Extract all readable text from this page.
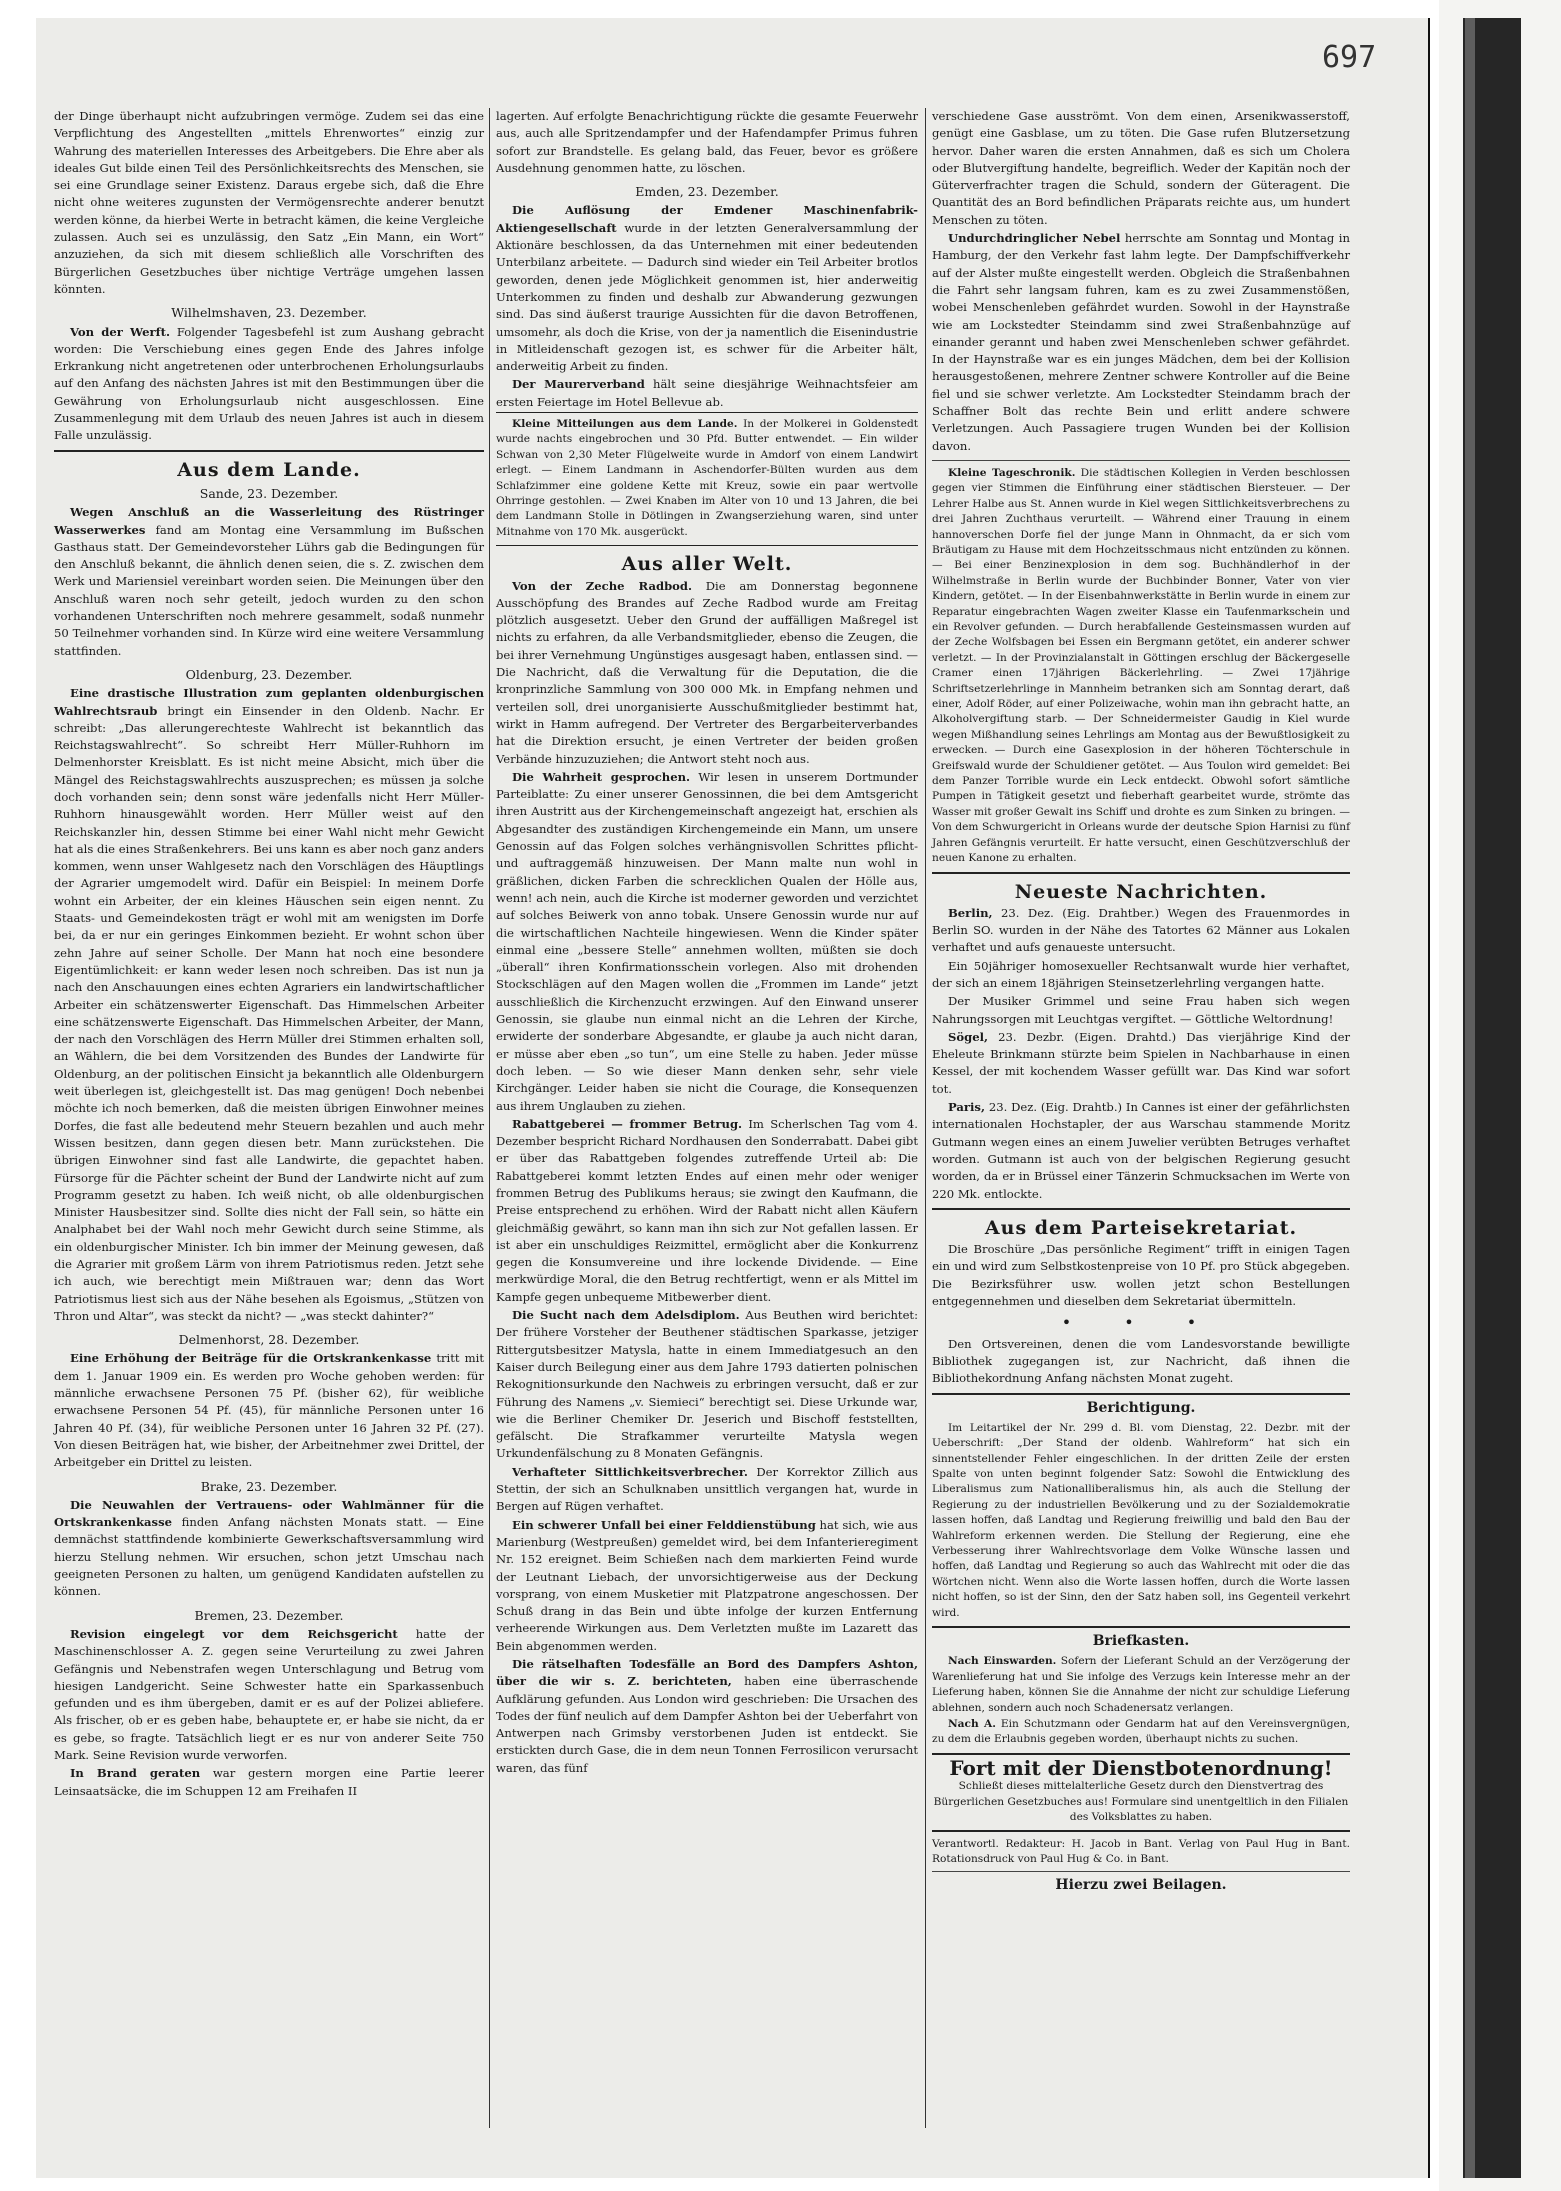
697

der Dinge überhaupt nicht aufzubringen vermöge. Zudem sei das eine Verpflichtung des Angestellten „mittels Ehrenwortes“ einzig zur Wahrung des materiellen Interesses des Arbeitgebers. Die Ehre aber als ideales Gut bilde einen Teil des Persönlichkeitsrechts des Menschen, sie sei eine Grundlage seiner Existenz. Daraus ergebe sich, daß die Ehre nicht ohne weiteres zugunsten der Vermögensrechte anderer benutzt werden könne, da hierbei Werte in betracht kämen, die keine Vergleiche zulassen. Auch sei es unzulässig, den Satz „Ein Mann, ein Wort“ anzuziehen, da sich mit diesem schließlich alle Vorschriften des Bürgerlichen Gesetzbuches über nichtige Verträge umgehen lassen könnten.

Wilhelmshaven, 23. Dezember.

Von der Werft. Folgender Tagesbefehl ist zum Aushang gebracht worden: Die Verschiebung eines gegen Ende des Jahres infolge Erkrankung nicht angetretenen oder unterbrochenen Erholungsurlaubs auf den Anfang des nächsten Jahres ist mit den Bestimmungen über die Gewährung von Erholungsurlaub nicht ausgeschlossen. Eine Zusammenlegung mit dem Urlaub des neuen Jahres ist auch in diesem Falle unzulässig.

Aus dem Lande.
Sande, 23. Dezember.

Wegen Anschluß an die Wasserleitung des Rüstringer Wasserwerkes fand am Montag eine Versammlung im Bußschen Gasthaus statt. Der Gemeindevorsteher Lührs gab die Bedingungen für den Anschluß bekannt, die ähnlich denen seien, die s. Z. zwischen dem Werk und Mariensiel vereinbart worden seien. Die Meinungen über den Anschluß waren noch sehr geteilt, jedoch wurden zu den schon vorhandenen Unterschriften noch mehrere gesammelt, sodaß nunmehr 50 Teilnehmer vorhanden sind. In Kürze wird eine weitere Versammlung stattfinden.

Oldenburg, 23. Dezember.

Eine drastische Illustration zum geplanten oldenburgischen Wahlrechtsraub bringt ein Einsender in den Oldenb. Nachr. Er schreibt: „Das allerungerechteste Wahlrecht ist bekanntlich das Reichstagswahlrecht“. So schreibt Herr Müller-Ruhhorn im Delmenhorster Kreisblatt. Es ist nicht meine Absicht, mich über die Mängel des Reichstagswahlrechts auszusprechen; es müssen ja solche doch vorhanden sein; denn sonst wäre jedenfalls nicht Herr Müller-Ruhhorn hinausgewählt worden. Herr Müller weist auf den Reichskanzler hin, dessen Stimme bei einer Wahl nicht mehr Gewicht hat als die eines Straßenkehrers. Bei uns kann es aber noch ganz anders kommen, wenn unser Wahlgesetz nach den Vorschlägen des Häuptlings der Agrarier umgemodelt wird. Dafür ein Beispiel: In meinem Dorfe wohnt ein Arbeiter, der ein kleines Häuschen sein eigen nennt. Zu Staats- und Gemeindekosten trägt er wohl mit am wenigsten im Dorfe bei, da er nur ein geringes Einkommen bezieht. Er wohnt schon über zehn Jahre auf seiner Scholle. Der Mann hat noch eine besondere Eigentümlichkeit: er kann weder lesen noch schreiben. Das ist nun ja nach den Anschauungen eines echten Agrariers ein landwirtschaftlicher Arbeiter ein schätzenswerter Eigenschaft. Das Himmelschen Arbeiter eine schätzenswerte Eigenschaft. Das Himmelschen Arbeiter, der Mann, der nach den Vorschlägen des Herrn Müller drei Stimmen erhalten soll, an Wählern, die bei dem Vorsitzenden des Bundes der Landwirte für Oldenburg, an der politischen Einsicht ja bekanntlich alle Oldenburgern weit überlegen ist, gleichgestellt ist. Das mag genügen! Doch nebenbei möchte ich noch bemerken, daß die meisten übrigen Einwohner meines Dorfes, die fast alle bedeutend mehr Steuern bezahlen und auch mehr Wissen besitzen, dann gegen diesen betr. Mann zurückstehen. Die übrigen Einwohner sind fast alle Landwirte, die gepachtet haben. Fürsorge für die Pächter scheint der Bund der Landwirte nicht auf zum Programm gesetzt zu haben. Ich weiß nicht, ob alle oldenburgischen Minister Hausbesitzer sind. Sollte dies nicht der Fall sein, so hätte ein Analphabet bei der Wahl noch mehr Gewicht durch seine Stimme, als ein oldenburgischer Minister. Ich bin immer der Meinung gewesen, daß die Agrarier mit großem Lärm von ihrem Patriotismus reden. Jetzt sehe ich auch, wie berechtigt mein Mißtrauen war; denn das Wort Patriotismus liest sich aus der Nähe besehen als Egoismus, „Stützen von Thron und Altar“, was steckt da nicht? — „was steckt dahinter?“

Delmenhorst, 28. Dezember.

Eine Erhöhung der Beiträge für die Ortskrankenkasse tritt mit dem 1. Januar 1909 ein. Es werden pro Woche gehoben werden: für männliche erwachsene Personen 75 Pf. (bisher 62), für weibliche erwachsene Personen 54 Pf. (45), für männliche Personen unter 16 Jahren 40 Pf. (34), für weibliche Personen unter 16 Jahren 32 Pf. (27). Von diesen Beiträgen hat, wie bisher, der Arbeitnehmer zwei Drittel, der Arbeitgeber ein Drittel zu leisten.

Brake, 23. Dezember.

Die Neuwahlen der Vertrauens- oder Wahlmänner für die Ortskrankenkasse finden Anfang nächsten Monats statt. — Eine demnächst stattfindende kombinierte Gewerkschaftsversammlung wird hierzu Stellung nehmen. Wir ersuchen, schon jetzt Umschau nach geeigneten Personen zu halten, um genügend Kandidaten aufstellen zu können.

Bremen, 23. Dezember.

Revision eingelegt vor dem Reichsgericht hatte der Maschinenschlosser A. Z. gegen seine Verurteilung zu zwei Jahren Gefängnis und Nebenstrafen wegen Unterschlagung und Betrug vom hiesigen Landgericht. Seine Schwester hatte ein Sparkassenbuch gefunden und es ihm übergeben, damit er es auf der Polizei abliefere. Als frischer, ob er es geben habe, behauptete er, er habe sie nicht, da er es gebe, so fragte. Tatsächlich liegt er es nur von anderer Seite 750 Mark. Seine Revision wurde verworfen.

In Brand geraten war gestern morgen eine Partie leerer Leinsaatsäcke, die im Schuppen 12 am Freihafen II

lagerten. Auf erfolgte Benachrichtigung rückte die gesamte Feuerwehr aus, auch alle Spritzendampfer und der Hafendampfer Primus fuhren sofort zur Brandstelle. Es gelang bald, das Feuer, bevor es größere Ausdehnung genommen hatte, zu löschen.

Emden, 23. Dezember.

Die Auflösung der Emdener Maschinenfabrik-Aktiengesellschaft wurde in der letzten Generalversammlung der Aktionäre beschlossen, da das Unternehmen mit einer bedeutenden Unterbilanz arbeitete. — Dadurch sind wieder ein Teil Arbeiter brotlos geworden, denen jede Möglichkeit genommen ist, hier anderweitig Unterkommen zu finden und deshalb zur Abwanderung gezwungen sind. Das sind äußerst traurige Aussichten für die davon Betroffenen, umsomehr, als doch die Krise, von der ja namentlich die Eisenindustrie in Mitleidenschaft gezogen ist, es schwer für die Arbeiter hält, anderweitig Arbeit zu finden.

Der Maurerverband hält seine diesjährige Weihnachtsfeier am ersten Feiertage im Hotel Bellevue ab.

Kleine Mitteilungen aus dem Lande. In der Molkerei in Goldenstedt wurde nachts eingebrochen und 30 Pfd. Butter entwendet. — Ein wilder Schwan von 2,30 Meter Flügelweite wurde in Amdorf von einem Landwirt erlegt. — Einem Landmann in Aschendorfer-Bülten wurden aus dem Schlafzimmer eine goldene Kette mit Kreuz, sowie ein paar wertvolle Ohrringe gestohlen. — Zwei Knaben im Alter von 10 und 13 Jahren, die bei dem Landmann Stolle in Dötlingen in Zwangserziehung waren, sind unter Mitnahme von 170 Mk. ausgerückt.

Aus aller Welt.

Von der Zeche Radbod. Die am Donnerstag begonnene Ausschöpfung des Brandes auf Zeche Radbod wurde am Freitag plötzlich ausgesetzt. Ueber den Grund der auffälligen Maßregel ist nichts zu erfahren, da alle Verbandsmitglieder, ebenso die Zeugen, die bei ihrer Vernehmung Ungünstiges ausgesagt haben, entlassen sind. — Die Nachricht, daß die Verwaltung für die Deputation, die die kronprinzliche Sammlung von 300 000 Mk. in Empfang nehmen und verteilen soll, drei unorganisierte Ausschußmitglieder bestimmt hat, wirkt in Hamm aufregend. Der Vertreter des Bergarbeiterverbandes hat die Direktion ersucht, je einen Vertreter der beiden großen Verbände hinzuzuziehen; die Antwort steht noch aus.

Die Wahrheit gesprochen. Wir lesen in unserem Dortmunder Parteiblatte: Zu einer unserer Genossinnen, die bei dem Amtsgericht ihren Austritt aus der Kirchengemeinschaft angezeigt hat, erschien als Abgesandter des zuständigen Kirchengemeinde ein Mann, um unsere Genossin auf das Folgen solches verhängnisvollen Schrittes pflicht- und auftraggemäß hinzuweisen. Der Mann malte nun wohl in gräßlichen, dicken Farben die schrecklichen Qualen der Hölle aus, wenn! ach nein, auch die Kirche ist moderner geworden und verzichtet auf solches Beiwerk von anno tobak. Unsere Genossin wurde nur auf die wirtschaftlichen Nachteile hingewiesen. Wenn die Kinder später einmal eine „bessere Stelle“ annehmen wollten, müßten sie doch „überall“ ihren Konfirmationsschein vorlegen. Also mit drohenden Stockschlägen auf den Magen wollen die „Frommen im Lande“ jetzt ausschließlich die Kirchenzucht erzwingen. Auf den Einwand unserer Genossin, sie glaube nun einmal nicht an die Lehren der Kirche, erwiderte der sonderbare Abgesandte, er glaube ja auch nicht daran, er müsse aber eben „so tun“, um eine Stelle zu haben. Jeder müsse doch leben. — So wie dieser Mann denken sehr, sehr viele Kirchgänger. Leider haben sie nicht die Courage, die Konsequenzen aus ihrem Unglauben zu ziehen.

Rabattgeberei — frommer Betrug. Im Scherlschen Tag vom 4. Dezember bespricht Richard Nordhausen den Sonderrabatt. Dabei gibt er über das Rabattgeben folgendes zutreffende Urteil ab: Die Rabattgeberei kommt letzten Endes auf einen mehr oder weniger frommen Betrug des Publikums heraus; sie zwingt den Kaufmann, die Preise entsprechend zu erhöhen. Wird der Rabatt nicht allen Käufern gleichmäßig gewährt, so kann man ihn sich zur Not gefallen lassen. Er ist aber ein unschuldiges Reizmittel, ermöglicht aber die Konkurrenz gegen die Konsumvereine und ihre lockende Dividende. — Eine merkwürdige Moral, die den Betrug rechtfertigt, wenn er als Mittel im Kampfe gegen unbequeme Mitbewerber dient.

Die Sucht nach dem Adelsdiplom. Aus Beuthen wird berichtet: Der frühere Vorsteher der Beuthener städtischen Sparkasse, jetziger Rittergutsbesitzer Matysla, hatte in einem Immediatgesuch an den Kaiser durch Beilegung einer aus dem Jahre 1793 datierten polnischen Rekognitionsurkunde den Nachweis zu erbringen versucht, daß er zur Führung des Namens „v. Siemieci“ berechtigt sei. Diese Urkunde war, wie die Berliner Chemiker Dr. Jeserich und Bischoff feststellten, gefälscht. Die Strafkammer verurteilte Matysla wegen Urkundenfälschung zu 8 Monaten Gefängnis.

Verhafteter Sittlichkeitsverbrecher. Der Korrektor Zillich aus Stettin, der sich an Schulknaben unsittlich vergangen hat, wurde in Bergen auf Rügen verhaftet.

Ein schwerer Unfall bei einer Felddienstübung hat sich, wie aus Marienburg (Westpreußen) gemeldet wird, bei dem Infanterieregiment Nr. 152 ereignet. Beim Schießen nach dem markierten Feind wurde der Leutnant Liebach, der unvorsichtigerweise aus der Deckung vorsprang, von einem Musketier mit Platzpatrone angeschossen. Der Schuß drang in das Bein und übte infolge der kurzen Entfernung verheerende Wirkungen aus. Dem Verletzten mußte im Lazarett das Bein abgenommen werden.

Die rätselhaften Todesfälle an Bord des Dampfers Ashton, über die wir s. Z. berichteten, haben eine überraschende Aufklärung gefunden. Aus London wird geschrieben: Die Ursachen des Todes der fünf neulich auf dem Dampfer Ashton bei der Ueberfahrt von Antwerpen nach Grimsby verstorbenen Juden ist entdeckt. Sie erstickten durch Gase, die in dem neun Tonnen Ferrosilicon verursacht waren, das fünf

verschiedene Gase ausströmt. Von dem einen, Arsenikwasserstoff, genügt eine Gasblase, um zu töten. Die Gase rufen Blutzersetzung hervor. Daher waren die ersten Annahmen, daß es sich um Cholera oder Blutvergiftung handelte, begreiflich. Weder der Kapitän noch der Güterverfrachter tragen die Schuld, sondern der Güteragent. Die Quantität des an Bord befindlichen Präparats reichte aus, um hundert Menschen zu töten.

Undurchdringlicher Nebel herrschte am Sonntag und Montag in Hamburg, der den Verkehr fast lahm legte. Der Dampfschiffverkehr auf der Alster mußte eingestellt werden. Obgleich die Straßenbahnen die Fahrt sehr langsam fuhren, kam es zu zwei Zusammenstößen, wobei Menschenleben gefährdet wurden. Sowohl in der Haynstraße wie am Lockstedter Steindamm sind zwei Straßenbahnzüge auf einander gerannt und haben zwei Menschenleben schwer gefährdet. In der Haynstraße war es ein junges Mädchen, dem bei der Kollision herausgestoßenen, mehrere Zentner schwere Kontroller auf die Beine fiel und sie schwer verletzte. Am Lockstedter Steindamm brach der Schaffner Bolt das rechte Bein und erlitt andere schwere Verletzungen. Auch Passagiere trugen Wunden bei der Kollision davon.

Kleine Tageschronik. Die städtischen Kollegien in Verden beschlossen gegen vier Stimmen die Einführung einer städtischen Biersteuer. — Der Lehrer Halbe aus St. Annen wurde in Kiel wegen Sittlichkeitsverbrechens zu drei Jahren Zuchthaus verurteilt. — Während einer Trauung in einem hannoverschen Dorfe fiel der junge Mann in Ohnmacht, da er sich vom Bräutigam zu Hause mit dem Hochzeitsschmaus nicht entzünden zu können. — Bei einer Benzinexplosion in dem sog. Buchhändlerhof in der Wilhelmstraße in Berlin wurde der Buchbinder Bonner, Vater von vier Kindern, getötet. — In der Eisenbahnwerkstätte in Berlin wurde in einem zur Reparatur eingebrachten Wagen zweiter Klasse ein Taufenmarkschein und ein Revolver gefunden. — Durch herabfallende Gesteinsmassen wurden auf der Zeche Wolfsbagen bei Essen ein Bergmann getötet, ein anderer schwer verletzt. — In der Provinzialanstalt in Göttingen erschlug der Bäckergeselle Cramer einen 17jährigen Bäckerlehrling. — Zwei 17jährige Schriftsetzerlehrlinge in Mannheim betranken sich am Sonntag derart, daß einer, Adolf Röder, auf einer Polizeiwache, wohin man ihn gebracht hatte, an Alkoholvergiftung starb. — Der Schneidermeister Gaudig in Kiel wurde wegen Mißhandlung seines Lehrlings am Montag aus der Bewußtlosigkeit zu erwecken. — Durch eine Gasexplosion in der höheren Töchterschule in Greifswald wurde der Schuldiener getötet. — Aus Toulon wird gemeldet: Bei dem Panzer Torrible wurde ein Leck entdeckt. Obwohl sofort sämtliche Pumpen in Tätigkeit gesetzt und fieberhaft gearbeitet wurde, strömte das Wasser mit großer Gewalt ins Schiff und drohte es zum Sinken zu bringen. — Von dem Schwurgericht in Orleans wurde der deutsche Spion Harnisi zu fünf Jahren Gefängnis verurteilt. Er hatte versucht, einen Geschützverschluß der neuen Kanone zu erhalten.

Neueste Nachrichten.

Berlin, 23. Dez. (Eig. Drahtber.) Wegen des Frauenmordes in Berlin SO. wurden in der Nähe des Tatortes 62 Männer aus Lokalen verhaftet und aufs genaueste untersucht.

Ein 50jähriger homosexueller Rechtsanwalt wurde hier verhaftet, der sich an einem 18jährigen Steinsetzerlehrling vergangen hatte.

Der Musiker Grimmel und seine Frau haben sich wegen Nahrungssorgen mit Leuchtgas vergiftet. — Göttliche Weltordnung!

Sögel, 23. Dezbr. (Eigen. Drahtd.) Das vierjährige Kind der Eheleute Brinkmann stürzte beim Spielen in Nachbarhause in einen Kessel, der mit kochendem Wasser gefüllt war. Das Kind war sofort tot.

Paris, 23. Dez. (Eig. Drahtb.) In Cannes ist einer der gefährlichsten internationalen Hochstapler, der aus Warschau stammende Moritz Gutmann wegen eines an einem Juwelier verübten Betruges verhaftet worden. Gutmann ist auch von der belgischen Regierung gesucht worden, da er in Brüssel einer Tänzerin Schmucksachen im Werte von 220 Mk. entlockte.

Aus dem Parteisekretariat.

Die Broschüre „Das persönliche Regiment“ trifft in einigen Tagen ein und wird zum Selbstkostenpreise von 10 Pf. pro Stück abgegeben. Die Bezirksführer usw. wollen jetzt schon Bestellungen entgegennehmen und dieselben dem Sekretariat übermitteln.

• • •

Den Ortsvereinen, denen die vom Landesvorstande bewilligte Bibliothek zugegangen ist, zur Nachricht, daß ihnen die Bibliothekordnung Anfang nächsten Monat zugeht.

Berichtigung.

Im Leitartikel der Nr. 299 d. Bl. vom Dienstag, 22. Dezbr. mit der Ueberschrift: „Der Stand der oldenb. Wahlreform“ hat sich ein sinnentstellender Fehler eingeschlichen. In der dritten Zeile der ersten Spalte von unten beginnt folgender Satz: Sowohl die Entwicklung des Liberalismus zum Nationalliberalismus hin, als auch die Stellung der Regierung zu der industriellen Bevölkerung und zu der Sozialdemokratie lassen hoffen, daß Landtag und Regierung freiwillig und bald den Bau der Wahlreform erkennen werden. Die Stellung der Regierung, eine ehe Verbesserung ihrer Wahlrechtsvorlage dem Volke Wünsche lassen und hoffen, daß Landtag und Regierung so auch das Wahlrecht mit oder die das Wörtchen nicht. Wenn also die Worte lassen hoffen, durch die Worte lassen nicht hoffen, so ist der Sinn, den der Satz haben soll, ins Gegenteil verkehrt wird.

Briefkasten.

Nach Einswarden. Sofern der Lieferant Schuld an der Verzögerung der Warenlieferung hat und Sie infolge des Verzugs kein Interesse mehr an der Lieferung haben, können Sie die Annahme der nicht zur schuldige Lieferung ablehnen, sondern auch noch Schadenersatz verlangen.

Nach A. Ein Schutzmann oder Gendarm hat auf den Vereinsvergnügen, zu dem die Erlaubnis gegeben worden, überhaupt nichts zu suchen.

Fort mit der Dienstbotenordnung!

Schließt dieses mittelalterliche Gesetz durch den Dienstvertrag des Bürgerlichen Gesetzbuches aus! Formulare sind unentgeltlich in den Filialen des Volksblattes zu haben.

Verantwortl. Redakteur: H. Jacob in Bant. Verlag von Paul Hug in Bant. Rotationsdruck von Paul Hug & Co. in Bant.

Hierzu zwei Beilagen.
